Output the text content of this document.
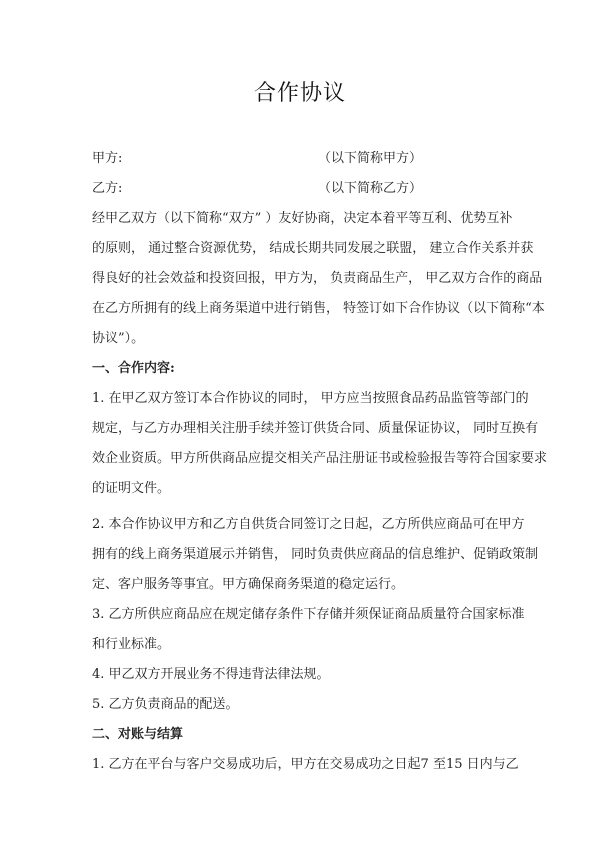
合作协议
甲方:	（以下简称甲方）
乙方:	（以下简称乙方）
经甲乙双方（以下简称“双方” ）友好协商，决定本着平等互利、优势互补
的原则， 通过整合资源优势， 结成长期共同发展之联盟， 建立合作关系并获
得良好的社会效益和投资回报，甲方为， 负责商品生产， 甲乙双方合作的商品
在乙方所拥有的线上商务渠道中进行销售， 特签订如下合作协议（以下简称“本
协议”）。
一、合作内容:
1. 在甲乙双方签订本合作协议的同时， 甲方应当按照食品药品监管等部门的
规定，与乙方办理相关注册手续并签订供货合同、质量保证协议， 同时互换有
效企业资质。甲方所供商品应提交相关产品注册证书或检验报告等符合国家要求
的证明文件。
2. 本合作协议甲方和乙方自供货合同签订之日起，乙方所供应商品可在甲方
拥有的线上商务渠道展示并销售， 同时负责供应商品的信息维护、促销政策制
定、客户服务等事宜。甲方确保商务渠道的稳定运行。
3. 乙方所供应商品应在规定储存条件下存储并须保证商品质量符合国家标准
和行业标准。
4. 甲乙双方开展业务不得违背法律法规。
5. 乙方负责商品的配送。
二、对账与结算
1. 乙方在平台与客户交易成功后，甲方在交易成功之日起7 至15 日内与乙
